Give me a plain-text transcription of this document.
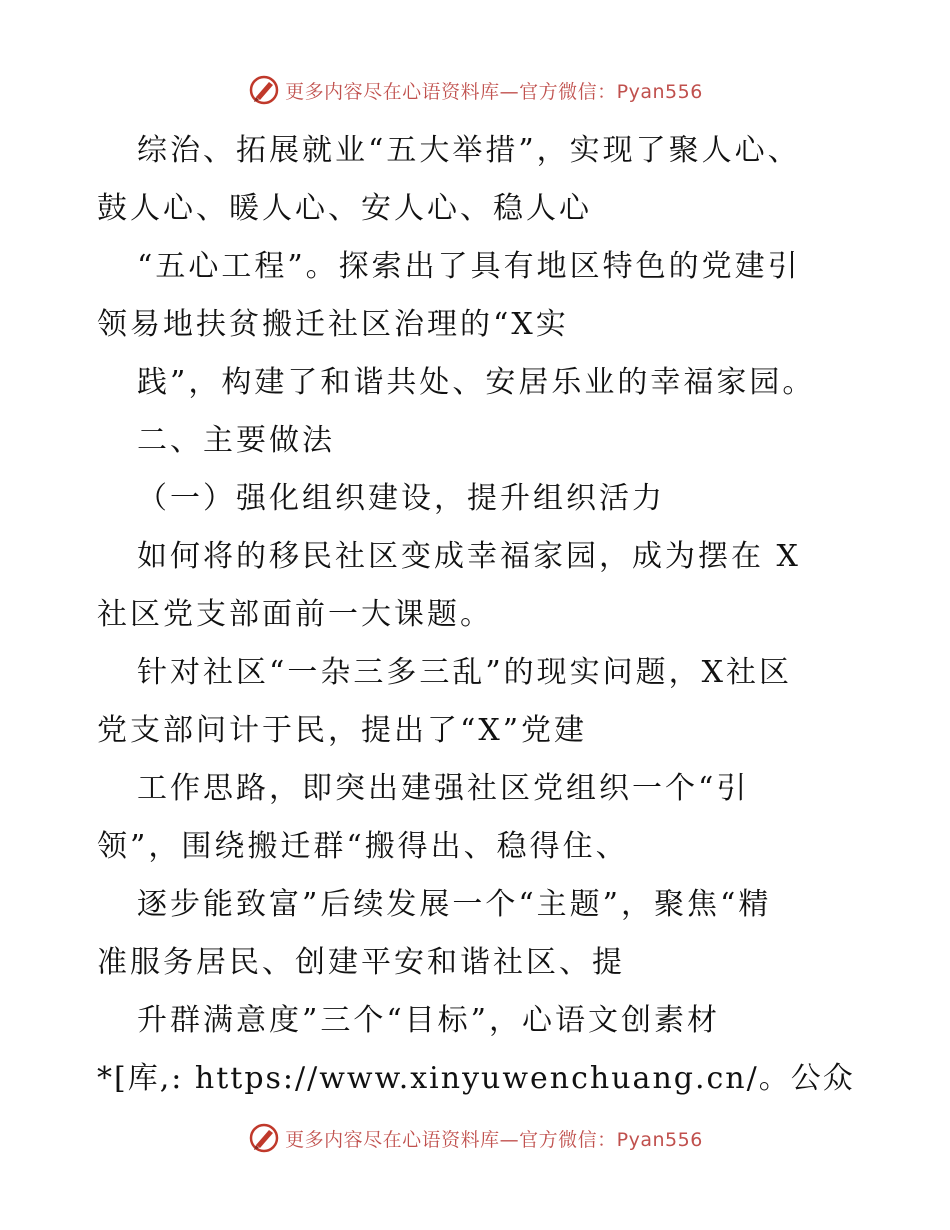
更多内容尽在心语资料库—官方微信：Pyan556
综治、拓展就业“五大举措”，实现了聚人心、
鼓人心、暖人心、安人心、稳人心
“五心工程”。探索出了具有地区特色的党建引
领易地扶贫搬迁社区治理的“X实
践”，构建了和谐共处、安居乐业的幸福家园。
二、主要做法
（一）强化组织建设，提升组织活力
如何将的移民社区变成幸福家园，成为摆在 X
社区党支部面前一大课题。
针对社区“一杂三多三乱”的现实问题，X社区
党支部问计于民，提出了“X”党建
工作思路，即突出建强社区党组织一个“引
领”，围绕搬迁群“搬得出、稳得住、
逐步能致富”后续发展一个“主题”，聚焦“精
准服务居民、创建平安和谐社区、提
升群满意度”三个“目标”，心语文创素材
*[库,: https://www.xinyuwenchuang.cn/。公众
更多内容尽在心语资料库—官方微信：Pyan556
